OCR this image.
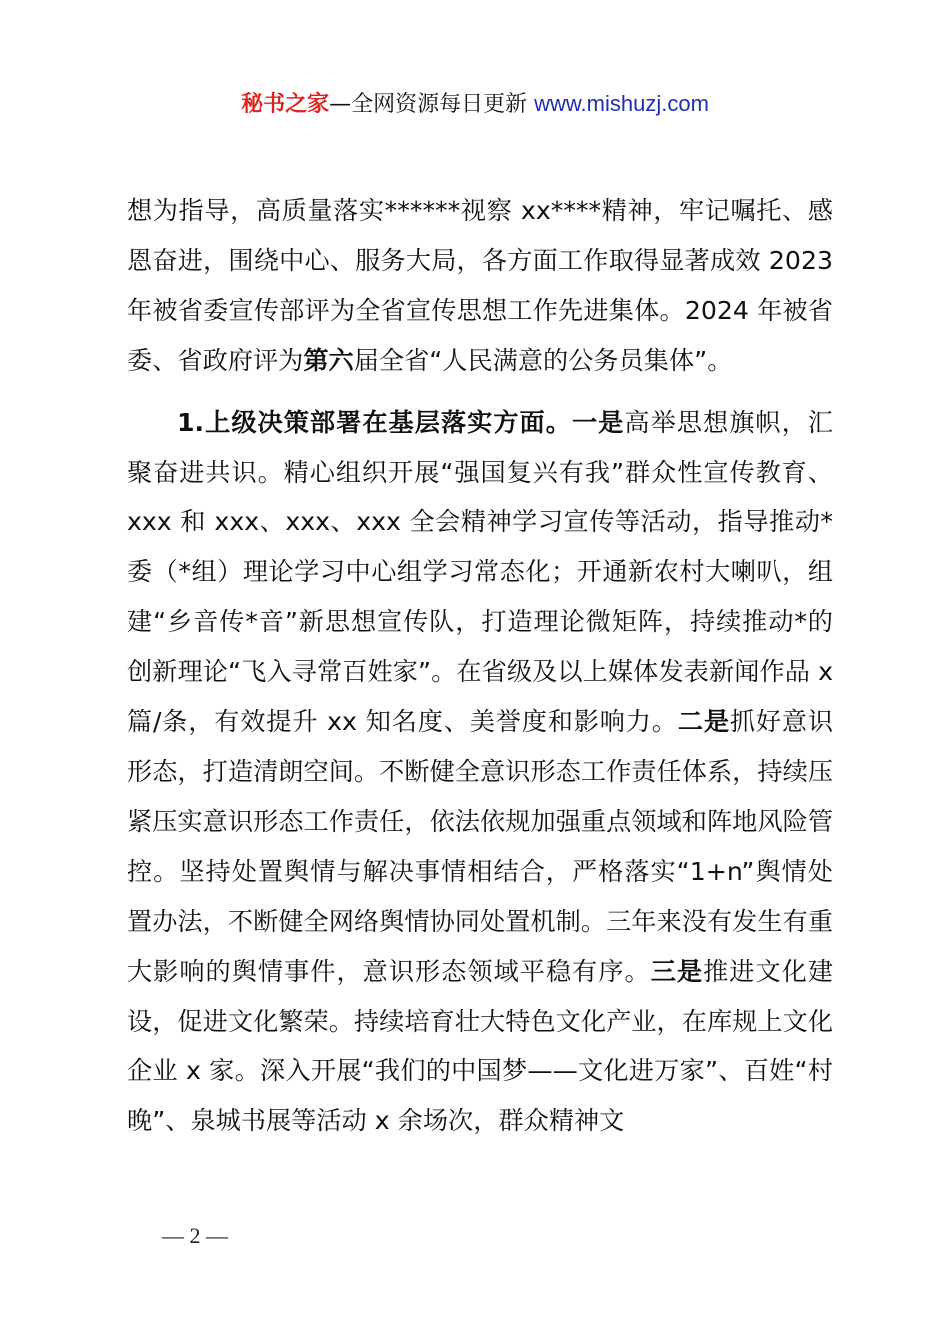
秘书之家—全网资源每日更新 www.mishuzj.com

想为指导，高质量落实******视察 xx****精神，牢记嘱托、感恩奋进，围绕中心、服务大局，各方面工作取得显著成效 2023 年被省委宣传部评为全省宣传思想工作先进集体。2024 年被省委、省政府评为第六届全省“人民满意的公务员集体”。

1.上级决策部署在基层落实方面。一是高举思想旗帜，汇聚奋进共识。精心组织开展“强国复兴有我”群众性宣传教育、xxx 和 xxx、xxx、xxx 全会精神学习宣传等活动，指导推动*委（*组）理论学习中心组学习常态化；开通新农村大喇叭，组建“乡音传*音”新思想宣传队，打造理论微矩阵，持续推动*的创新理论“飞入寻常百姓家”。在省级及以上媒体发表新闻作品 x 篇/条，有效提升 xx 知名度、美誉度和影响力。二是抓好意识形态，打造清朗空间。不断健全意识形态工作责任体系，持续压紧压实意识形态工作责任，依法依规加强重点领域和阵地风险管控。坚持处置舆情与解决事情相结合，严格落实“1+n”舆情处置办法，不断健全网络舆情协同处置机制。三年来没有发生有重大影响的舆情事件，意识形态领域平稳有序。三是推进文化建设，促进文化繁荣。持续培育壮大特色文化产业，在库规上文化企业 x 家。深入开展“我们的中国梦——文化进万家”、百姓“村晚”、泉城书展等活动 x 余场次，群众精神文

— 2 —
